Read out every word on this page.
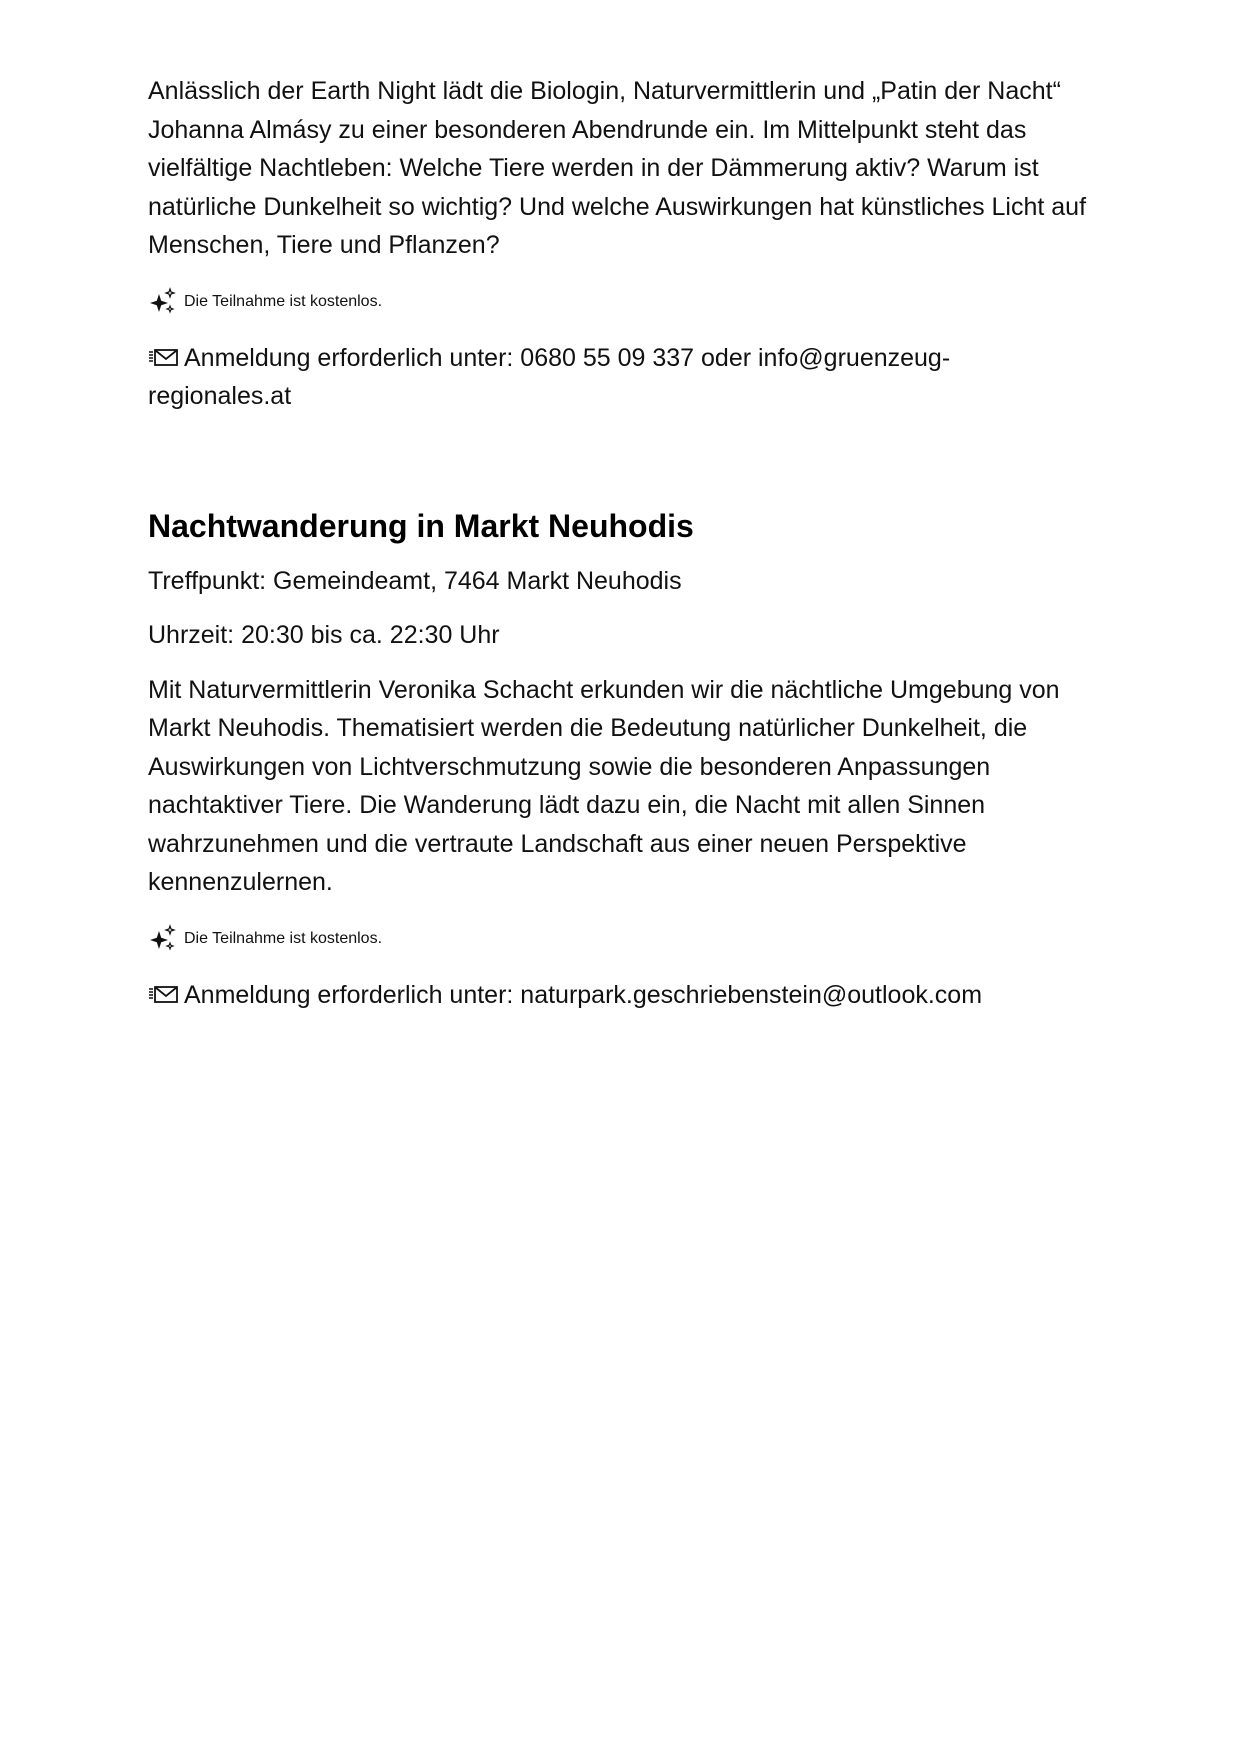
Anlässlich der Earth Night lädt die Biologin, Naturvermittlerin und „Patin der Nacht“ Johanna Almásy zu einer besonderen Abendrunde ein. Im Mittelpunkt steht das vielfältige Nachtleben: Welche Tiere werden in der Dämmerung aktiv? Warum ist natürliche Dunkelheit so wichtig? Und welche Auswirkungen hat künstliches Licht auf Menschen, Tiere und Pflanzen?

Die Teilnahme ist kostenlos.

Anmeldung erforderlich unter: 0680 55 09 337 oder info@gruenzeug-

regionales.at

Nachtwanderung in Markt Neuhodis

Treffpunkt: Gemeindeamt, 7464 Markt Neuhodis

Uhrzeit: 20:30 bis ca. 22:30 Uhr

Mit Naturvermittlerin Veronika Schacht erkunden wir die nächtliche Umgebung von Markt Neuhodis. Thematisiert werden die Bedeutung natürlicher Dunkelheit, die Auswirkungen von Lichtverschmutzung sowie die besonderen Anpassungen nachtaktiver Tiere. Die Wanderung lädt dazu ein, die Nacht mit allen Sinnen wahrzunehmen und die vertraute Landschaft aus einer neuen Perspektive kennenzulernen.

Die Teilnahme ist kostenlos.

Anmeldung erforderlich unter: naturpark.geschriebenstein@outlook.com
